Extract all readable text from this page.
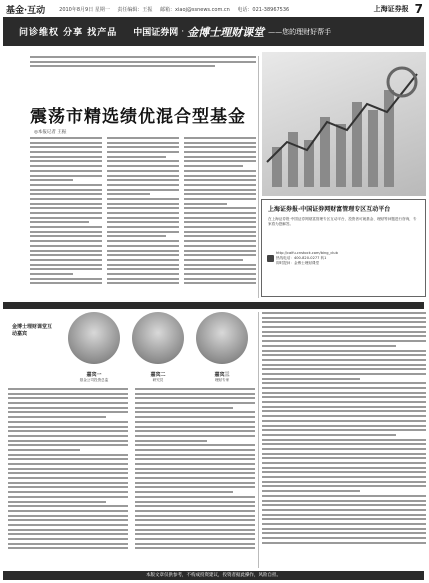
基金·互动	2010年8月9日 星期一 责任编辑：王振 邮箱：xiaoj@ssnews.com.cn 电话：021-38967536	上海证券报 7
问诊维权 分享 找产品 中国证券网 · 金博士理财课堂 ——您的理财好帮手
震荡市精选绩优混合型基金
◎本报记者 王振
上海证券报·中国证券网财富管理专区互动平台
在上海证券报·中国证券网财富管理专区互动平台，投资者可就基金、理财等问题进行咨询，专家将为您解答。
http://caifu.cnstock.com/bing_club
热线电话：400-820-0277 转1
即时提问：金博士理财课堂
金博士互动
金博士理财课堂互动嘉宾
嘉宾一	嘉宾二	嘉宾三
基金公司投资总监	研究员	理财专家
本版文章仅供参考，不构成投资建议，投资者据此操作，风险自担。
